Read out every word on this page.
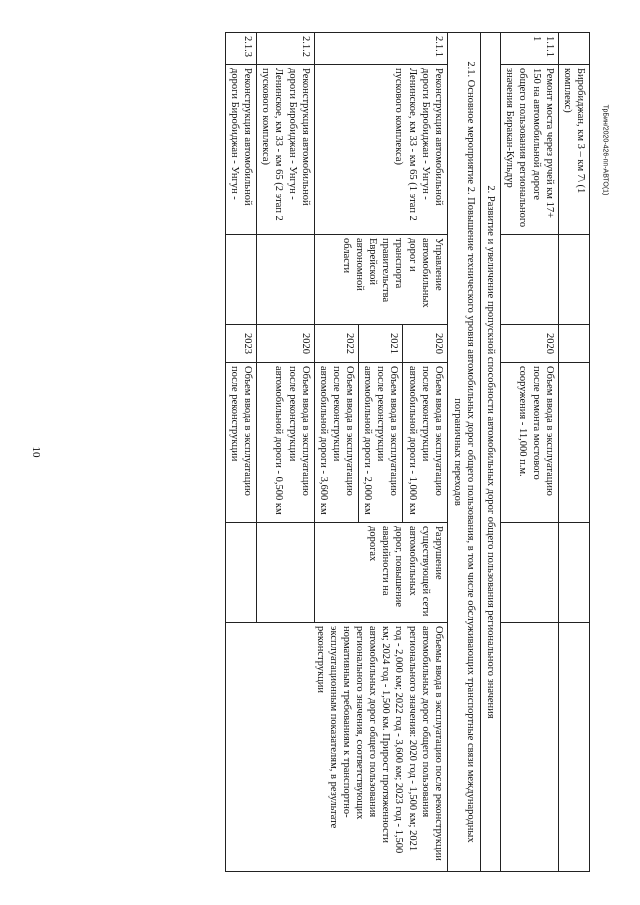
10
ТрБин/2020-426-пп-АВТО(1)
	Биробиджан, км 3 – км 7\ (1 комплекс)					
1.1.11	Ремонт моста через ручей км 17+ 150 на автомобильной дороге общего пользования регионального значения Биракан-Кульдур		2020	Объем ввода в эксплуатацию после ремонта мостового сооружения - 11,000 п.м.		
2. Развитие и увеличение пропускной способности автомобильных дорог общего пользования регионального значения						
2.1. Основное мероприятие 2. Повышение технического уровня автомобильных дорог общего пользования, в том числе обслуживающих транспортные связи международных пограничных переходов						
2.1.1	Реконструкция автомобильной дороги Биробиджан - Унгун - Ленинское, км 33 - км 65 (1 этап 2 пускового комплекса)	Управление автомобильных дорог и транспорта правительства Еврейской автономной области	2020	Объем ввода в эксплуатацию после реконструкции автомобильной дороги - 1,000 км	Разрушение существующей сети автомобильных дорог, повышение аварийности на дорогах	Объемы ввода в эксплуатацию после реконструкции автомобильных дорог общего пользования регионального значения: 2020 год - 1,500 км; 2021 год - 2,000 км; 2022 год - 3,600 км; 2023 год - 1,500 км; 2024 год - 1,500 км. Прирост протяженности автомобильных дорог общего пользования регионального значения, соответствующих нормативным требованиям к транспортно-эксплуатационным показателям, в результате реконструкции
			2021	Объем ввода в эксплуатацию после реконструкции автомобильной дороги - 2,000 км		
			2022	Объем ввода в эксплуатацию после реконструкции автомобильной дороги - 3,600 км		
2.1.2	Реконструкция автомобильной дороги Биробиджан - Унгун - Ленинское, км 33 - км 65 (2 этап 2 пускового комплекса)		2020	Объем ввода в эксплуатацию после реконструкции автомобильной дороги - 0,500 км		
2.1.3	Реконструкция автомобильной дороги Биробиджан - Унгун -		2023	Объем ввода в эксплуатацию после реконструкции		
